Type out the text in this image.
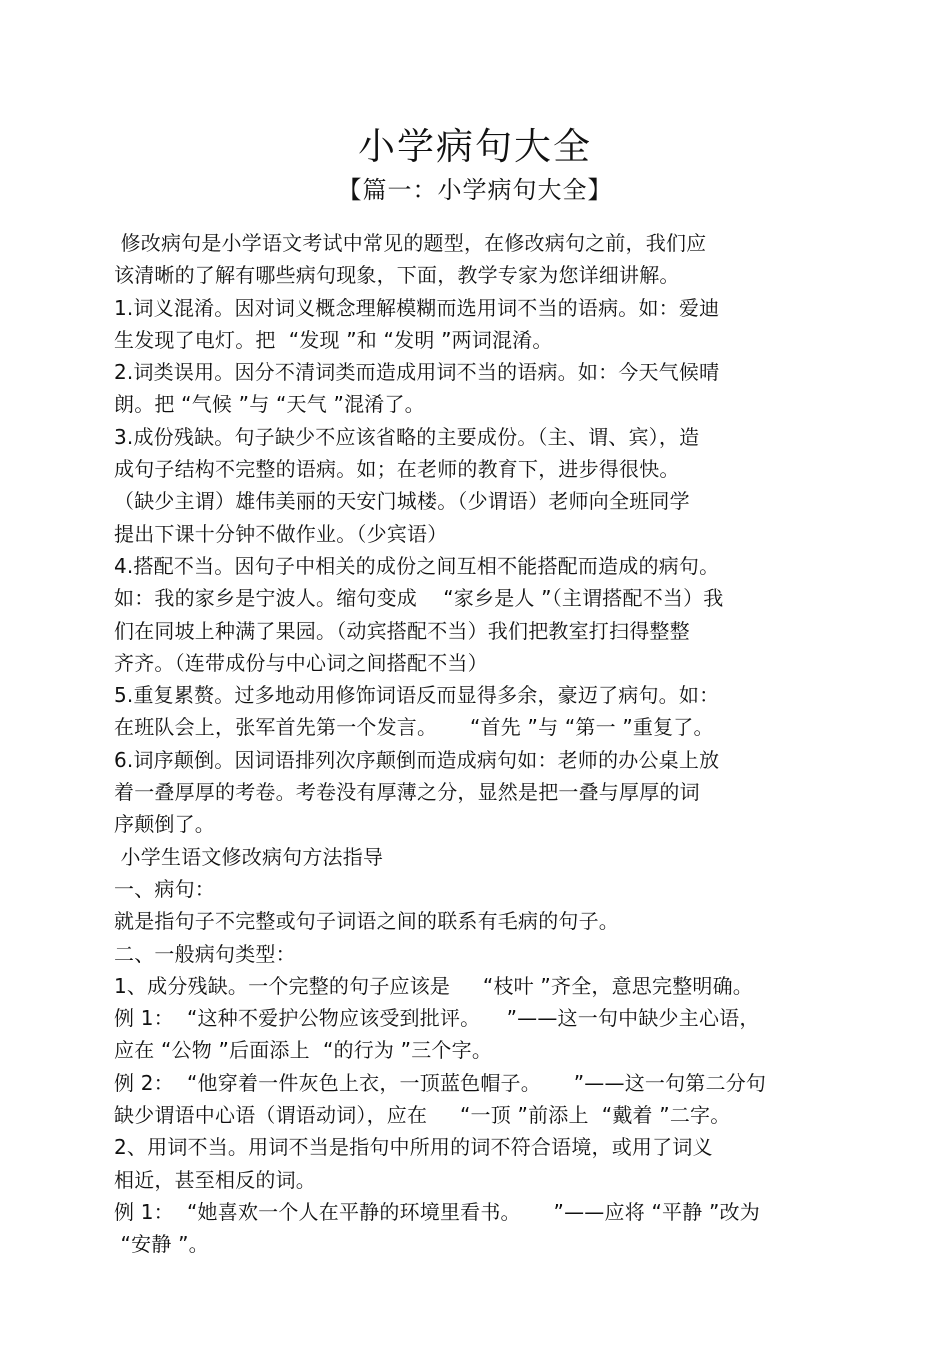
小学病句大全
【篇一：小学病句大全】
修改病句是小学语文考试中常见的题型，在修改病句之前，我们应
该清晰的了解有哪些病句现象，下面，教学专家为您详细讲解。
1.词义混淆。因对词义概念理解模糊而选用词不当的语病。如：爱迪
生发现了电灯。把  “发现 ”和 “发明 ”两词混淆。
2.词类误用。因分不清词类而造成用词不当的语病。如：今天气候晴
朗。把 “气候 ”与 “天气 ”混淆了。
3.成份残缺。句子缺少不应该省略的主要成份。（主、谓、宾），造
成句子结构不完整的语病。如；在老师的教育下，进步得很快。
（缺少主谓）雄伟美丽的天安门城楼。（少谓语）老师向全班同学
提出下课十分钟不做作业。（少宾语）
4.搭配不当。因句子中相关的成份之间互相不能搭配而造成的病句。
如：我的家乡是宁波人。缩句变成    “家乡是人 ”（主谓搭配不当）我
们在同坡上种满了果园。（动宾搭配不当）我们把教室打扫得整整
齐齐。（连带成份与中心词之间搭配不当）
5.重复累赘。过多地动用修饰词语反而显得多余，豪迈了病句。如：
在班队会上，张军首先第一个发言。     “首先 ”与 “第一 ”重复了。
6.词序颠倒。因词语排列次序颠倒而造成病句如：老师的办公桌上放
着一叠厚厚的考卷。考卷没有厚薄之分，显然是把一叠与厚厚的词
序颠倒了。
小学生语文修改病句方法指导
一、病句：
就是指句子不完整或句子词语之间的联系有毛病的句子。
二、一般病句类型：
1、成分残缺。一个完整的句子应该是     “枝叶 ”齐全，意思完整明确。
例 1：  “这种不爱护公物应该受到批评。    ”——这一句中缺少主心语，
应在 “公物 ”后面添上  “的行为 ”三个字。
例 2：  “他穿着一件灰色上衣，一顶蓝色帽子。     ”——这一句第二分句
缺少谓语中心语（谓语动词），应在     “一顶 ”前添上  “戴着 ”二字。
2、用词不当。用词不当是指句中所用的词不符合语境，或用了词义
相近，甚至相反的词。
例 1：  “她喜欢一个人在平静的环境里看书。     ”——应将 “平静 ”改为
“安静 ”。
